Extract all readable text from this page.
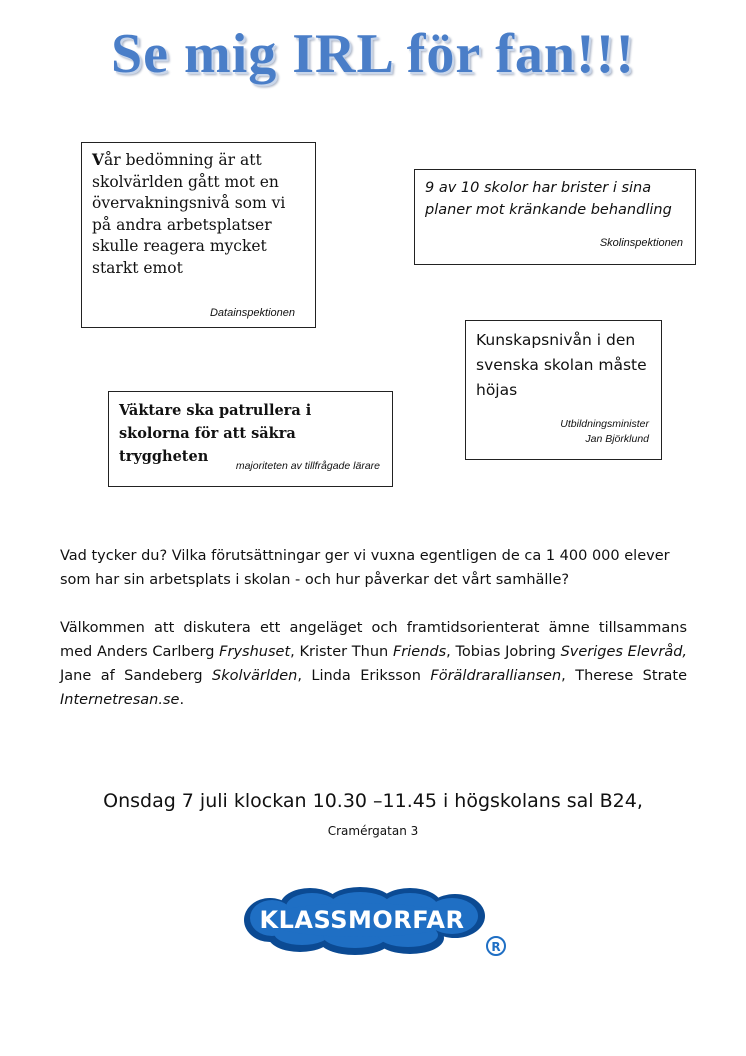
Se mig IRL för fan!!!
Vår bedömning är att skolvärlden gått mot en övervakningsnivå som vi på andra arbetsplatser skulle reagera mycket starkt emot
Datainspektionen
9 av 10 skolor har brister i sina planer mot kränkande behandling
Skolinspektionen
Kunskapsnivån i den svenska skolan måste höjas
Utbildningsminister
Jan Björklund
Väktare ska patrullera i skolorna för att säkra tryggheten
majoriteten av tillfrågade lärare

Vad tycker du? Vilka förutsättningar ger vi vuxna egentligen de ca 1 400 000 elever som har sin arbetsplats i skolan - och hur påverkar det vårt samhälle?

Välkommen att diskutera ett angeläget och framtidsorienterat ämne tillsammans med Anders Carlberg Fryshuset, Krister Thun Friends, Tobias Jobring Sveriges Elevråd, Jane af Sandeberg Skolvärlden, Linda Eriksson Föräldraralliansen, Therese Strate Internetresan.se.

Onsdag 7 juli klockan 10.30 –11.45 i högskolans sal B24,
Cramérgatan 3
KLASSMORFAR
R
